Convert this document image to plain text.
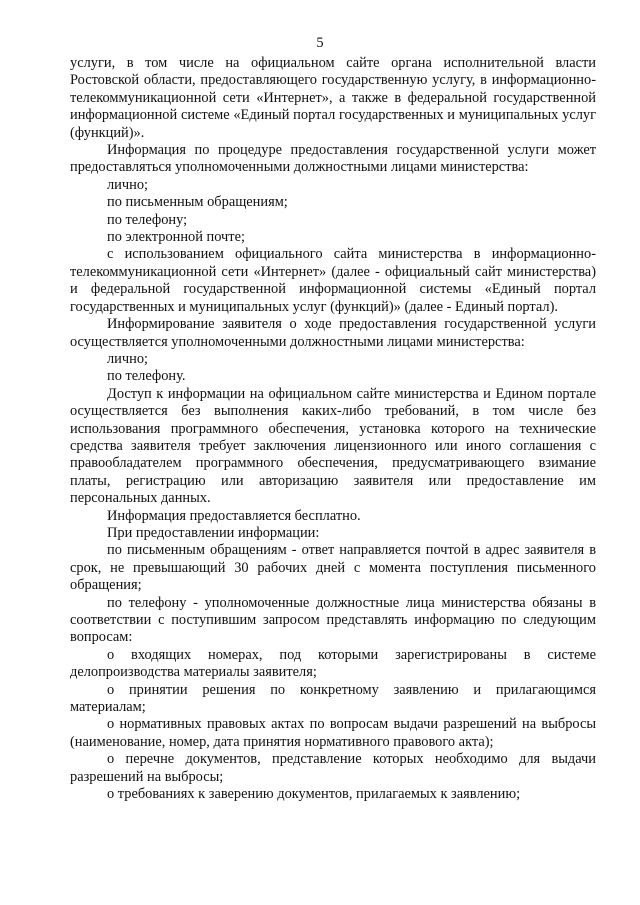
5

услуги, в том числе на официальном сайте органа исполнительной власти Ростовской области, предоставляющего государственную услугу, в информационно-телекоммуникационной сети «Интернет», а также в федеральной государственной информационной системе «Единый портал государственных и муниципальных услуг (функций)».

Информация по процедуре предоставления государственной услуги может предоставляться уполномоченными должностными лицами министерства:

лично;

по письменным обращениям;

по телефону;

по электронной почте;

с использованием официального сайта министерства в информационно-телекоммуникационной сети «Интернет» (далее - официальный сайт министерства) и федеральной государственной информационной системы «Единый портал государственных и муниципальных услуг (функций)» (далее - Единый портал).

Информирование заявителя о ходе предоставления государственной услуги осуществляется уполномоченными должностными лицами министерства:

лично;

по телефону.

Доступ к информации на официальном сайте министерства и Едином портале осуществляется без выполнения каких-либо требований, в том числе без использования программного обеспечения, установка которого на технические средства заявителя требует заключения лицензионного или иного соглашения с правообладателем программного обеспечения, предусматривающего взимание платы, регистрацию или авторизацию заявителя или предоставление им персональных данных.

Информация предоставляется бесплатно.

При предоставлении информации:

по письменным обращениям - ответ направляется почтой в адрес заявителя в срок, не превышающий 30 рабочих дней с момента поступления письменного обращения;

по телефону - уполномоченные должностные лица министерства обязаны в соответствии с поступившим запросом представлять информацию по следующим вопросам:

о входящих номерах, под которыми зарегистрированы в системе делопроизводства материалы заявителя;

о принятии решения по конкретному заявлению и прилагающимся материалам;

о нормативных правовых актах по вопросам выдачи разрешений на выбросы (наименование, номер, дата принятия нормативного правового акта);

о перечне документов, представление которых необходимо для выдачи разрешений на выбросы;

о требованиях к заверению документов, прилагаемых к заявлению;
